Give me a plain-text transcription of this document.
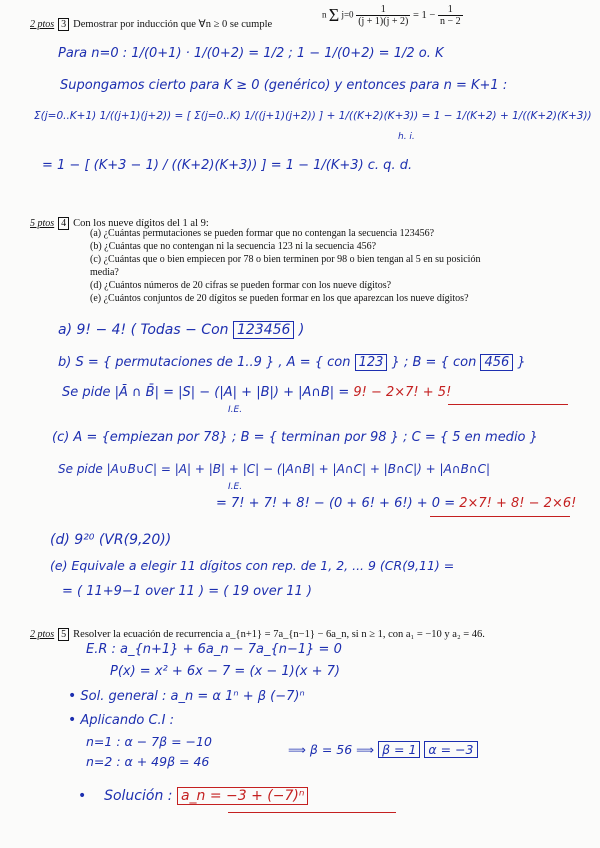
2 ptos 3 Demostrar por inducción que ∀n ≥ 0 se cumple
n Σ $j=0 \frac{1}{(j + 1)(j + 2)} = 1 - \frac{1}{n - 2}$
Para n=0 : 1/(0+1) · 1/(0+2) = 1/2 ; 1 − 1/(0+2) = 1/2 o. K
Supongamos cierto para K ≥ 0 (genérico) y entonces para n = K+1 :
Σ(j=0..K+1) 1/((j+1)(j+2)) = [ Σ(j=0..K) 1/((j+1)(j+2)) ] + 1/((K+2)(K+3)) = 1 − 1/(K+2) + 1/((K+2)(K+3))
h. i.
= 1 − [ (K+3 − 1) / ((K+2)(K+3)) ] = 1 − 1/(K+3) c. q. d.
5 ptos 4 Con los nueve dígitos del 1 al 9:
(a) ¿Cuántas permutaciones se pueden formar que no contengan la secuencia 123456?
(b) ¿Cuántas que no contengan ni la secuencia 123 ni la secuencia 456?
(c) ¿Cuántas que o bien empiecen por 78 o bien terminen por 98 o bien tengan al 5 en su posición
media?
(d) ¿Cuántos números de 20 cifras se pueden formar con los nueve dígitos?
(e) ¿Cuántos conjuntos de 20 dígitos se pueden formar en los que aparezcan los nueve dígitos?
a) 9! − 4! ( Todas − Con 123456 )
b) S = { permutaciones de 1..9 } , A = { con 123 } ; B = { con 456 }
Se pide |Ā ∩ B̄| = |S| − (|A| + |B|) + |A∩B| = 9! − 2×7! + 5!
I.E.
(c) A = {empiezan por 78} ; B = { terminan por 98 } ; C = { 5 en medio }
Se pide |A∪B∪C| = |A| + |B| + |C| − (|A∩B| + |A∩C| + |B∩C|) + |A∩B∩C|
I.E.
= 7! + 7! + 8! − (0 + 6! + 6!) + 0 = 2×7! + 8! − 2×6!
(d) 9²⁰ (VR(9,20))
(e) Equivale a elegir 11 dígitos con rep. de 1, 2, ... 9 (CR(9,11) =
= ( 11+9−1 over 11 ) = ( 19 over 11 )
2 ptos 5 Resolver la ecuación de recurrencia a_{n+1} = 7a_{n−1} − 6a_n, si n ≥ 1, con a₁ = −10 y a₂ = 46.
E.R : a_{n+1} + 6a_n − 7a_{n−1} = 0
P(x) = x² + 6x − 7 = (x − 1)(x + 7)
• Sol. general : a_n = α 1ⁿ + β (−7)ⁿ
• Aplicando C.I :
n=1 : α − 7β = −10
n=2 : α + 49β = 46
⟹ β = 56 ⟹ β = 1 α = −3
• Solución : a_n = −3 + (−7)ⁿ
